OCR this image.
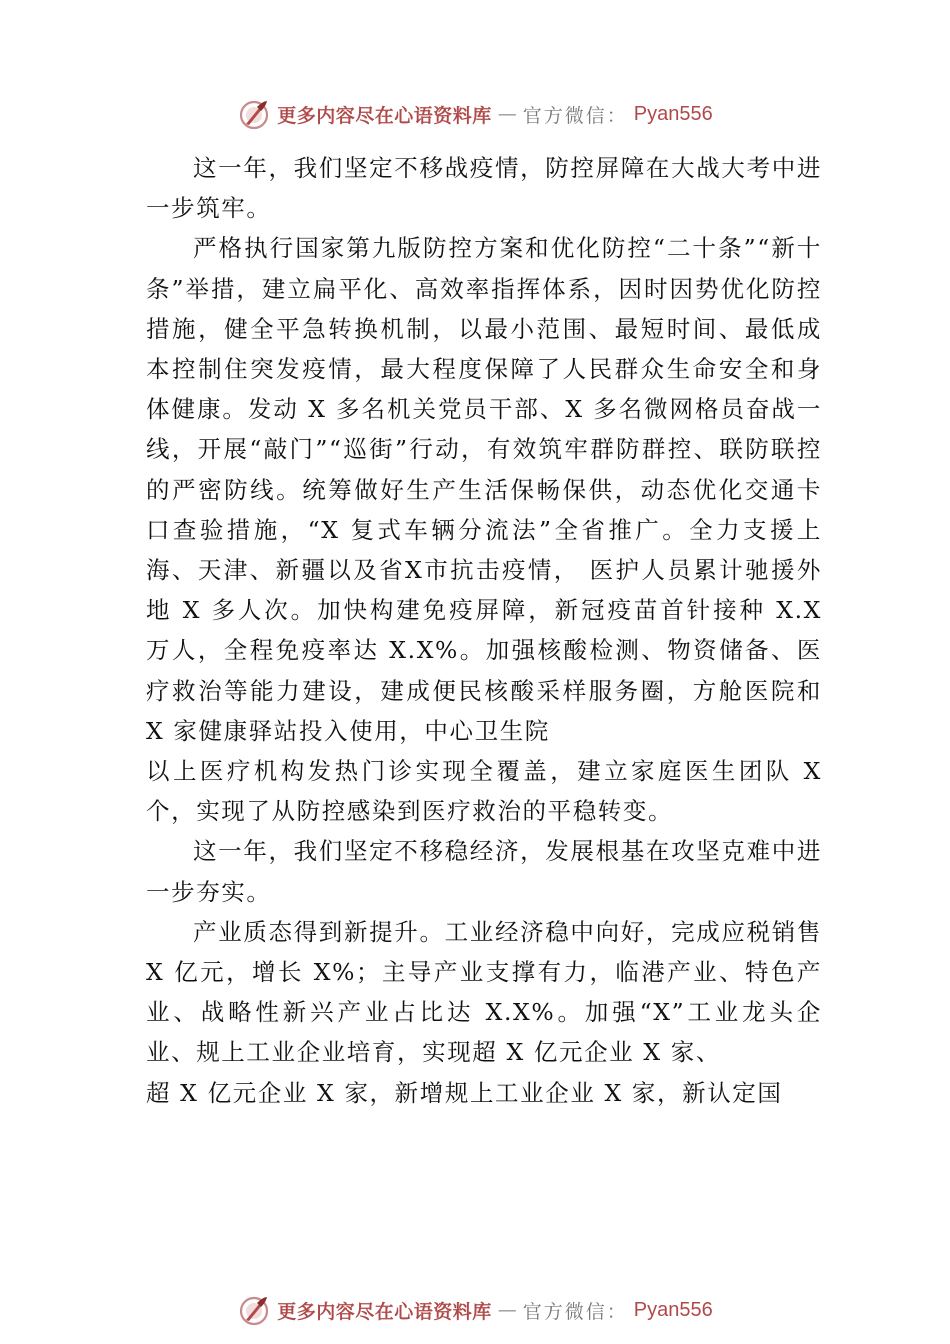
更多内容尽在心语资料库 — 官方微信： Pyan556

这一年，我们坚定不移战疫情，防控屏障在大战大考中进一步筑牢。

严格执行国家第九版防控方案和优化防控“二十条”“新十条”举措，建立扁平化、高效率指挥体系，因时因势优化防控措施，健全平急转换机制，以最小范围、最短时间、最低成本控制住突发疫情，最大程度保障了人民群众生命安全和身体健康。发动 X 多名机关党员干部、X 多名微网格员奋战一线，开展“敲门”“巡街”行动，有效筑牢群防群控、联防联控的严密防线。统筹做好生产生活保畅保供，动态优化交通卡口查验措施，“X 复式车辆分流法”全省推广。全力支援上海、天津、新疆以及省X市抗击疫情， 医护人员累计驰援外地 X 多人次。加快构建免疫屏障，新冠疫苗首针接种 X.X 万人，全程免疫率达 X.X%。加强核酸检测、物资储备、医疗救治等能力建设，建成便民核酸采样服务圈，方舱医院和 X 家健康驿站投入使用，中心卫生院

以上医疗机构发热门诊实现全覆盖，建立家庭医生团队 X 个，实现了从防控感染到医疗救治的平稳转变。

这一年，我们坚定不移稳经济，发展根基在攻坚克难中进一步夯实。

产业质态得到新提升。工业经济稳中向好，完成应税销售 X 亿元，增长 X%；主导产业支撑有力，临港产业、特色产业、战略性新兴产业占比达 X.X%。加强“X”工业龙头企业、规上工业企业培育，实现超 X 亿元企业 X 家、

超 X 亿元企业 X 家，新增规上工业企业 X 家，新认定国

更多内容尽在心语资料库 — 官方微信： Pyan556
